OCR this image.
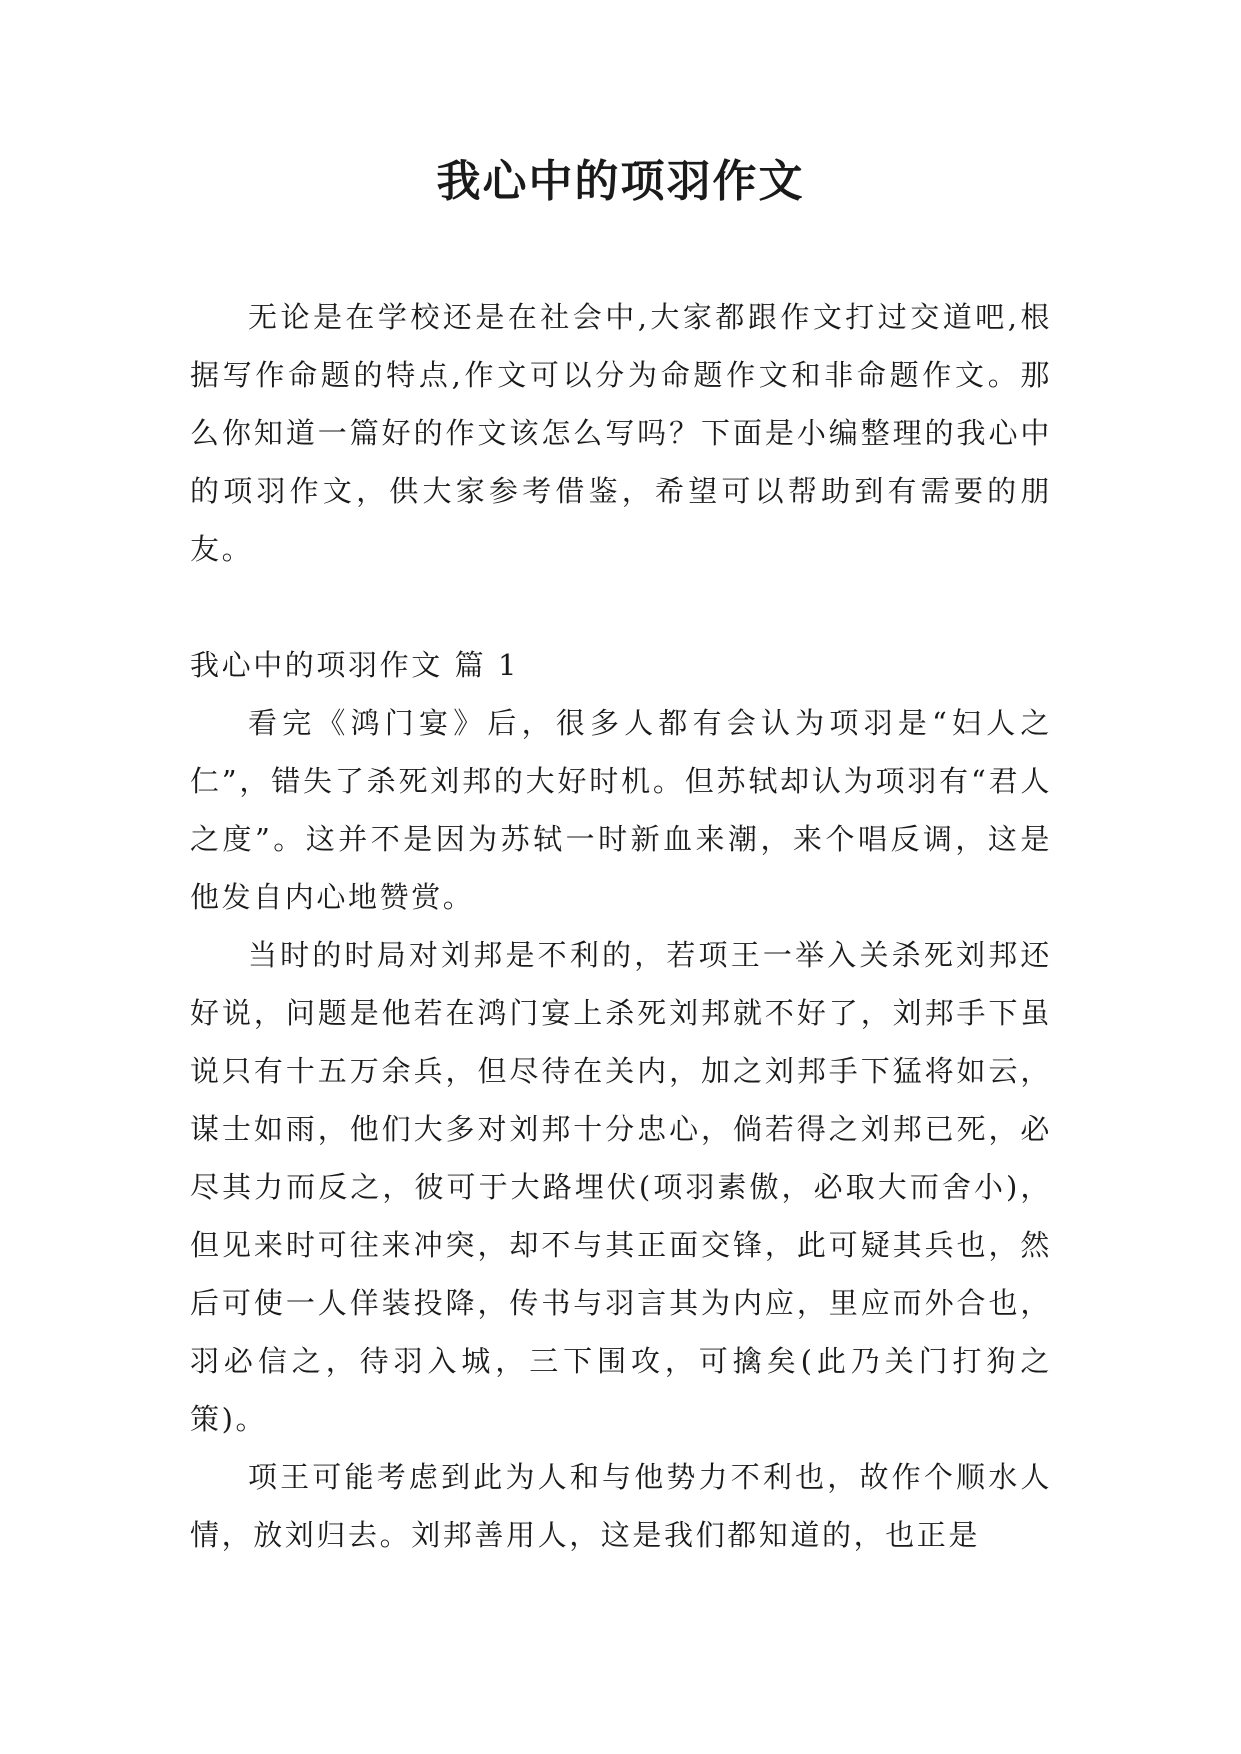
我心中的项羽作文

无论是在学校还是在社会中,大家都跟作文打过交道吧,根据写作命题的特点,作文可以分为命题作文和非命题作文。那么你知道一篇好的作文该怎么写吗？下面是小编整理的我心中的项羽作文，供大家参考借鉴，希望可以帮助到有需要的朋友。

我心中的项羽作文 篇 1

看完《鸿门宴》后，很多人都有会认为项羽是“妇人之仁”，错失了杀死刘邦的大好时机。但苏轼却认为项羽有“君人之度”。这并不是因为苏轼一时新血来潮，来个唱反调，这是他发自内心地赞赏。

当时的时局对刘邦是不利的，若项王一举入关杀死刘邦还好说，问题是他若在鸿门宴上杀死刘邦就不好了，刘邦手下虽说只有十五万余兵，但尽待在关内，加之刘邦手下猛将如云，谋士如雨，他们大多对刘邦十分忠心，倘若得之刘邦已死，必尽其力而反之，彼可于大路埋伏(项羽素傲，必取大而舍小)，但见来时可往来冲突，却不与其正面交锋，此可疑其兵也，然后可使一人佯装投降，传书与羽言其为内应，里应而外合也，羽必信之，待羽入城，三下围攻，可擒矣(此乃关门打狗之策)。

项王可能考虑到此为人和与他势力不利也，故作个顺水人情，放刘归去。刘邦善用人，这是我们都知道的，也正是
